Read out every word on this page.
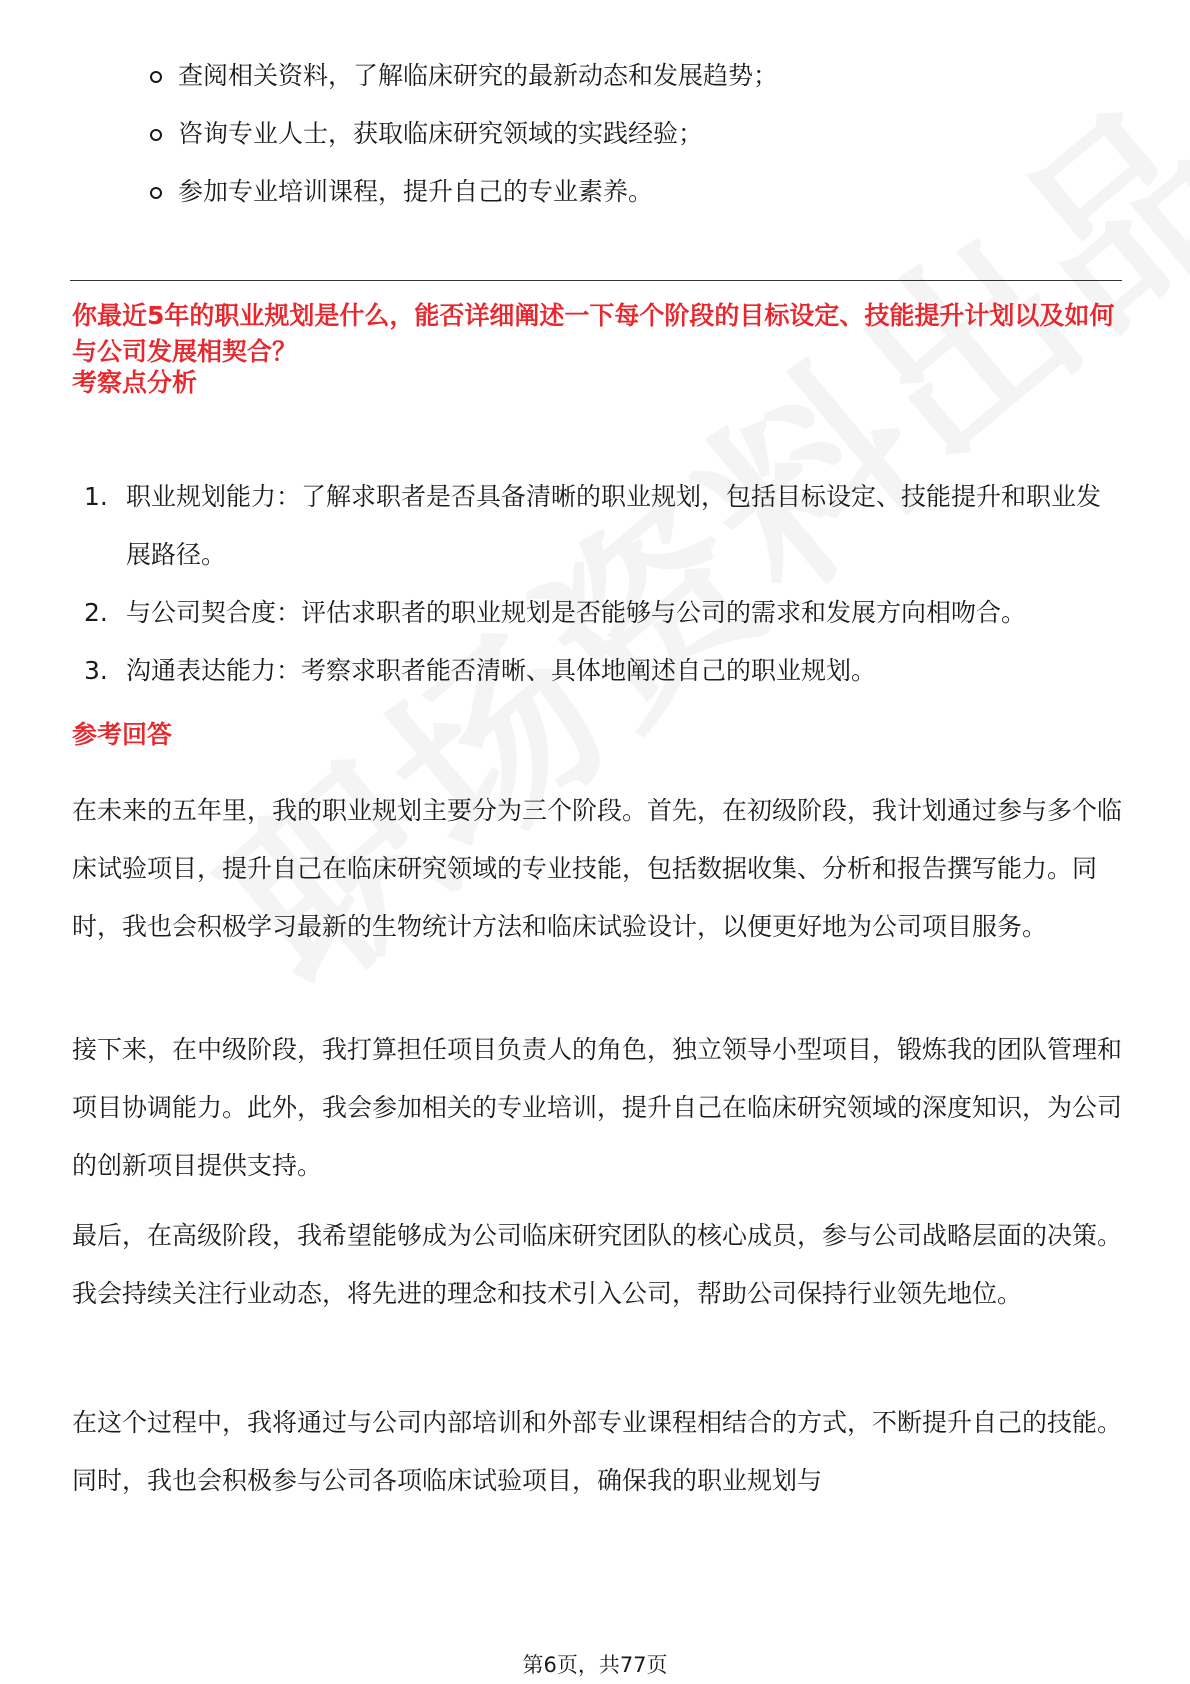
查阅相关资料，了解临床研究的最新动态和发展趋势；
咨询专业人士，获取临床研究领域的实践经验；
参加专业培训课程，提升自己的专业素养。

你最近5年的职业规划是什么，能否详细阐述一下每个阶段的目标设定、技能提升计划以及如何与公司发展相契合？

考察点分析
1. 职业规划能力：了解求职者是否具备清晰的职业规划，包括目标设定、技能提升和职业发展路径。
2. 与公司契合度：评估求职者的职业规划是否能够与公司的需求和发展方向相吻合。
3. 沟通表达能力：考察求职者能否清晰、具体地阐述自己的职业规划。
参考回答

在未来的五年里，我的职业规划主要分为三个阶段。首先，在初级阶段，我计划通过参与多个临床试验项目，提升自己在临床研究领域的专业技能，包括数据收集、分析和报告撰写能力。同时，我也会积极学习最新的生物统计方法和临床试验设计，以便更好地为公司项目服务。

接下来，在中级阶段，我打算担任项目负责人的角色，独立领导小型项目，锻炼我的团队管理和项目协调能力。此外，我会参加相关的专业培训，提升自己在临床研究领域的深度知识，为公司的创新项目提供支持。

最后，在高级阶段，我希望能够成为公司临床研究团队的核心成员，参与公司战略层面的决策。我会持续关注行业动态，将先进的理念和技术引入公司，帮助公司保持行业领先地位。

在这个过程中，我将通过与公司内部培训和外部专业课程相结合的方式，不断提升自己的技能。同时，我也会积极参与公司各项临床试验项目，确保我的职业规划与

第6页，共77页
